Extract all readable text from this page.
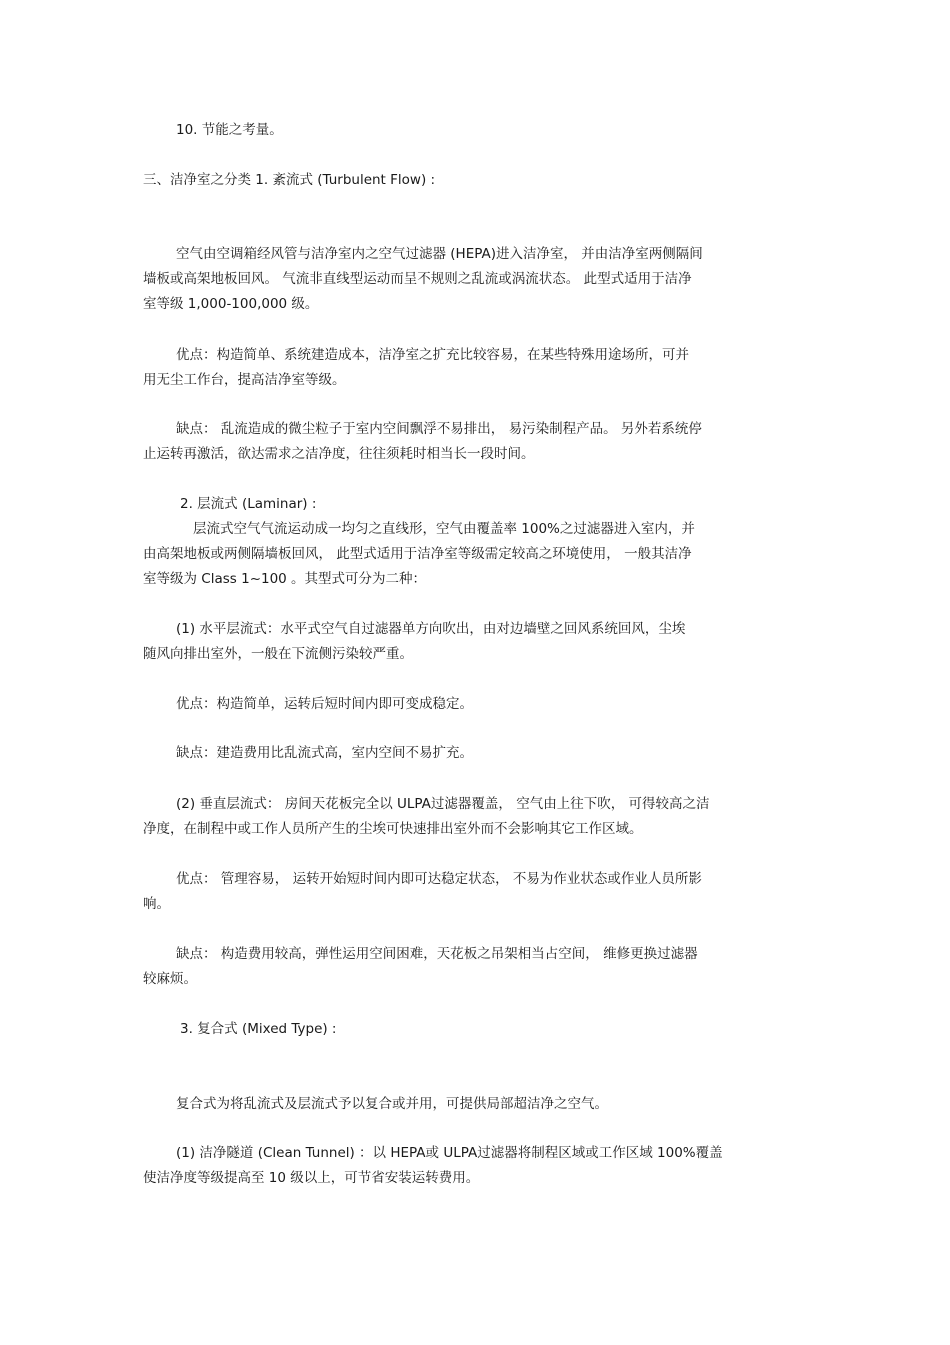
10. 节能之考量。
三、洁净室之分类 1. 紊流式 (Turbulent Flow) :
空气由空调箱经风管与洁净室内之空气过滤器 (HEPA)进入洁净室， 并由洁净室两侧隔间
墙板或高架地板回风。 气流非直线型运动而呈不规则之乱流或涡流状态。 此型式适用于洁净
室等级 1,000-100,000 级。
优点：构造简单、系统建造成本，洁净室之扩充比较容易，在某些特殊用途场所，可并
用无尘工作台，提高洁净室等级。
缺点： 乱流造成的微尘粒子于室内空间飘浮不易排出， 易污染制程产品。 另外若系统停
止运转再激活，欲达需求之洁净度，往往须耗时相当长一段时间。
2. 层流式 (Laminar) :
层流式空气气流运动成一均匀之直线形，空气由覆盖率 100%之过滤器进入室内，并
由高架地板或两侧隔墙板回风， 此型式适用于洁净室等级需定较高之环境使用， 一般其洁净
室等级为 Class 1~100 。其型式可分为二种：
(1) 水平层流式：水平式空气自过滤器单方向吹出，由对边墙壁之回风系统回风，尘埃
随风向排出室外，一般在下流侧污染较严重。
优点：构造简单，运转后短时间内即可变成稳定。
缺点：建造费用比乱流式高，室内空间不易扩充。
(2) 垂直层流式： 房间天花板完全以 ULPA过滤器覆盖， 空气由上往下吹， 可得较高之洁
净度，在制程中或工作人员所产生的尘埃可快速排出室外而不会影响其它工作区域。
优点： 管理容易， 运转开始短时间内即可达稳定状态， 不易为作业状态或作业人员所影
响。
缺点： 构造费用较高，弹性运用空间困难，天花板之吊架相当占空间， 维修更换过滤器
较麻烦。
3. 复合式 (Mixed Type) :
复合式为将乱流式及层流式予以复合或并用，可提供局部超洁净之空气。
(1) 洁净隧道 (Clean Tunnel) ：以 HEPA或 ULPA过滤器将制程区域或工作区域 100%覆盖
使洁净度等级提高至 10 级以上，可节省安装运转费用。
